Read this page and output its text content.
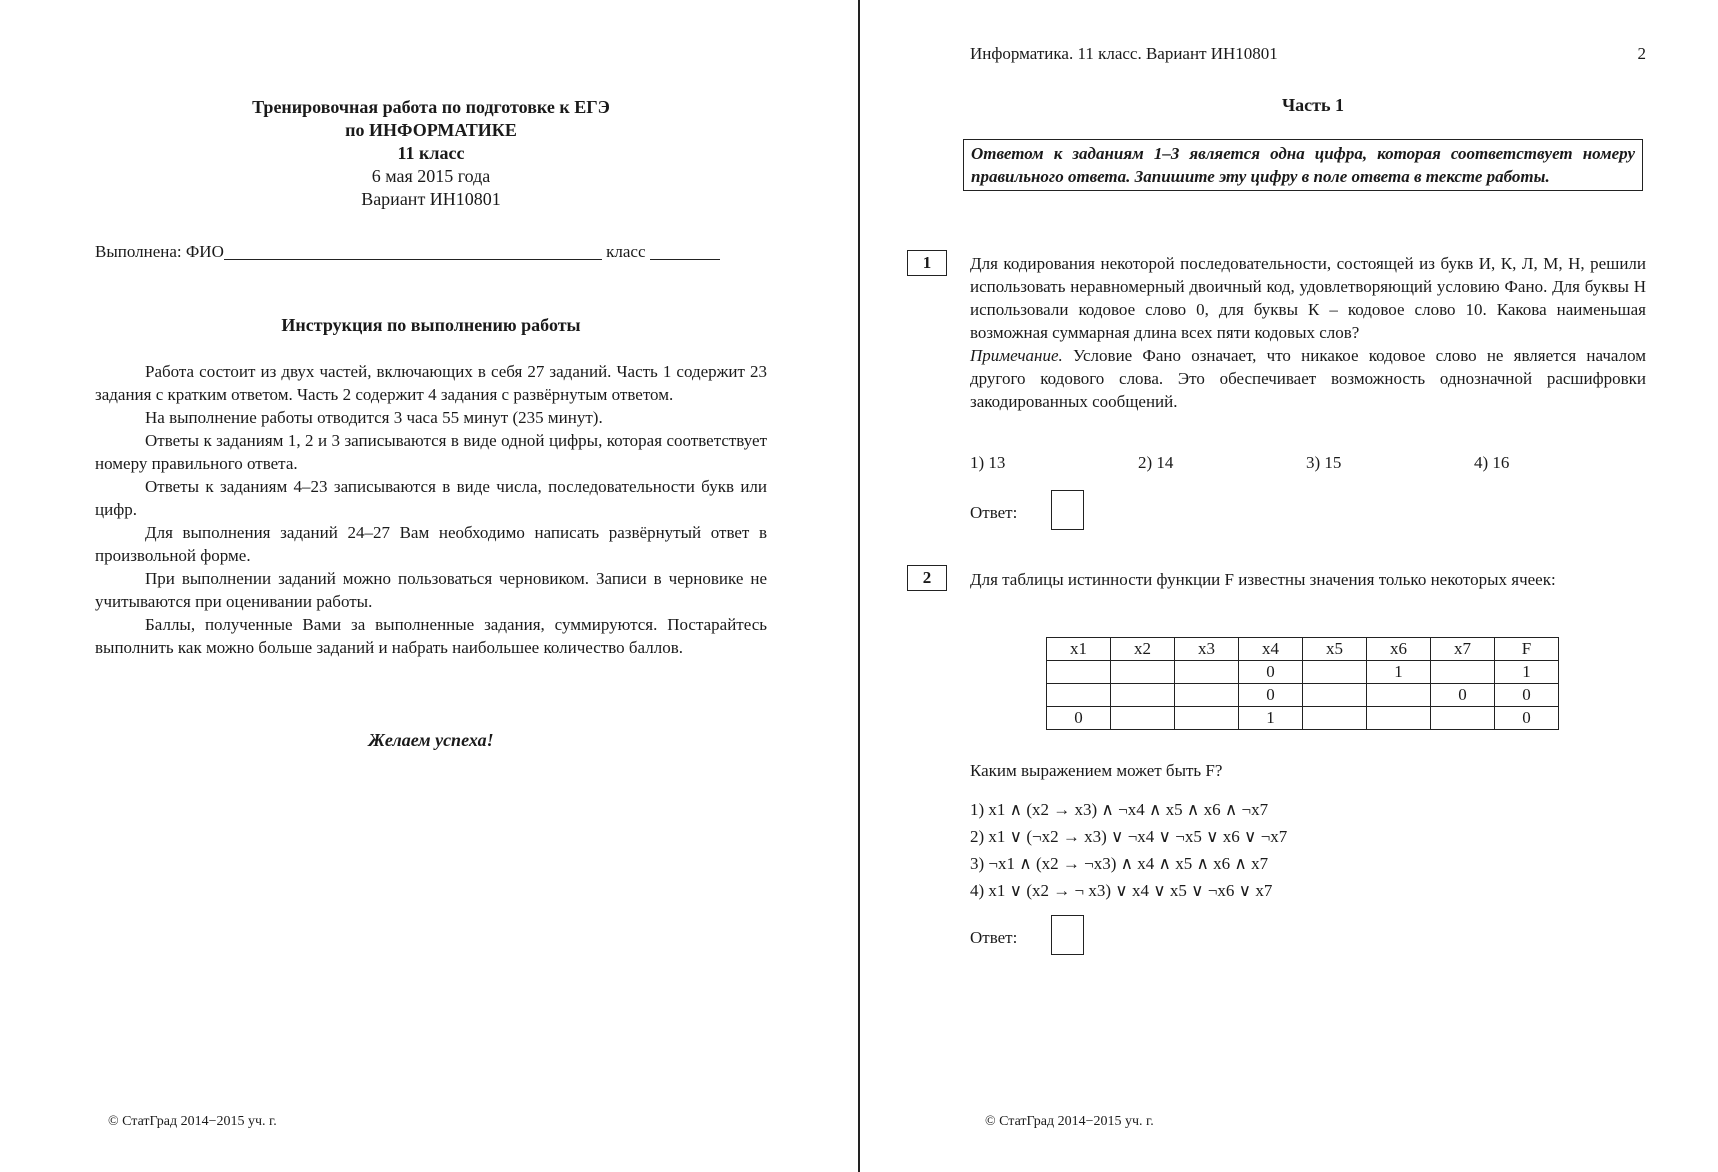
Тренировочная работа по подготовке к ЕГЭ
по ИНФОРМАТИКЕ
11 класс
6 мая 2015 года
Вариант ИН10801
Выполнена: ФИО	класс
Инструкция по выполнению работы

Работа состоит из двух частей, включающих в себя 27 заданий. Часть 1 содержит 23 задания с кратким ответом. Часть 2 содержит 4 задания с развёрнутым ответом.

На выполнение работы отводится 3 часа 55 минут (235 минут).

Ответы к заданиям 1, 2 и 3 записываются в виде одной цифры, которая соответствует номеру правильного ответа.

Ответы к заданиям 4–23 записываются в виде числа, последовательности букв или цифр.

Для выполнения заданий 24–27 Вам необходимо написать развёрнутый ответ в произвольной форме.

При выполнении заданий можно пользоваться черновиком. Записи в черновике не учитываются при оценивании работы.

Баллы, полученные Вами за выполненные задания, суммируются. Постарайтесь выполнить как можно больше заданий и набрать наибольшее количество баллов.

Желаем успеха!
© СтатГрад 2014−2015 уч. г.
Информатика. 11 класс. Вариант ИН10801	2
Часть 1
Ответом к заданиям 1–3 является одна цифра, которая соответствует номеру правильного ответа. Запишите эту цифру в поле ответа в тексте работы.
1	Для кодирования некоторой последовательности, состоящей из букв И, К, Л, М, Н, решили использовать неравномерный двоичный код, удовлетворяющий условию Фано. Для буквы Н использовали кодовое слово 0, для буквы К – кодовое слово 10. Какова наименьшая возможная суммарная длина всех пяти кодовых слов?
Примечание. Условие Фано означает, что никакое кодовое слово не является началом другого кодового слова. Это обеспечивает возможность однозначной расшифровки закодированных сообщений.
1) 13	2) 14	3) 15	4) 16
Ответ:
2	Для таблицы истинности функции F известны значения только некоторых ячеек:
x1	x2	x3	x4	x5	x6	x7	F
			0		1		1
			0			0	0
0			1				0
Каким выражением может быть F?
1) x1 ∧ (x2 → x3) ∧ ¬x4 ∧ x5 ∧ x6 ∧ ¬x7
2) x1 ∨ (¬x2 → x3) ∨ ¬x4 ∨ ¬x5 ∨ x6 ∨ ¬x7
3) ¬x1 ∧ (x2 → ¬x3) ∧ x4 ∧ x5 ∧ x6 ∧ x7
4) x1 ∨ (x2 → ¬ x3) ∨ x4 ∨ x5 ∨ ¬x6 ∨ x7
Ответ:
© СтатГрад 2014−2015 уч. г.
